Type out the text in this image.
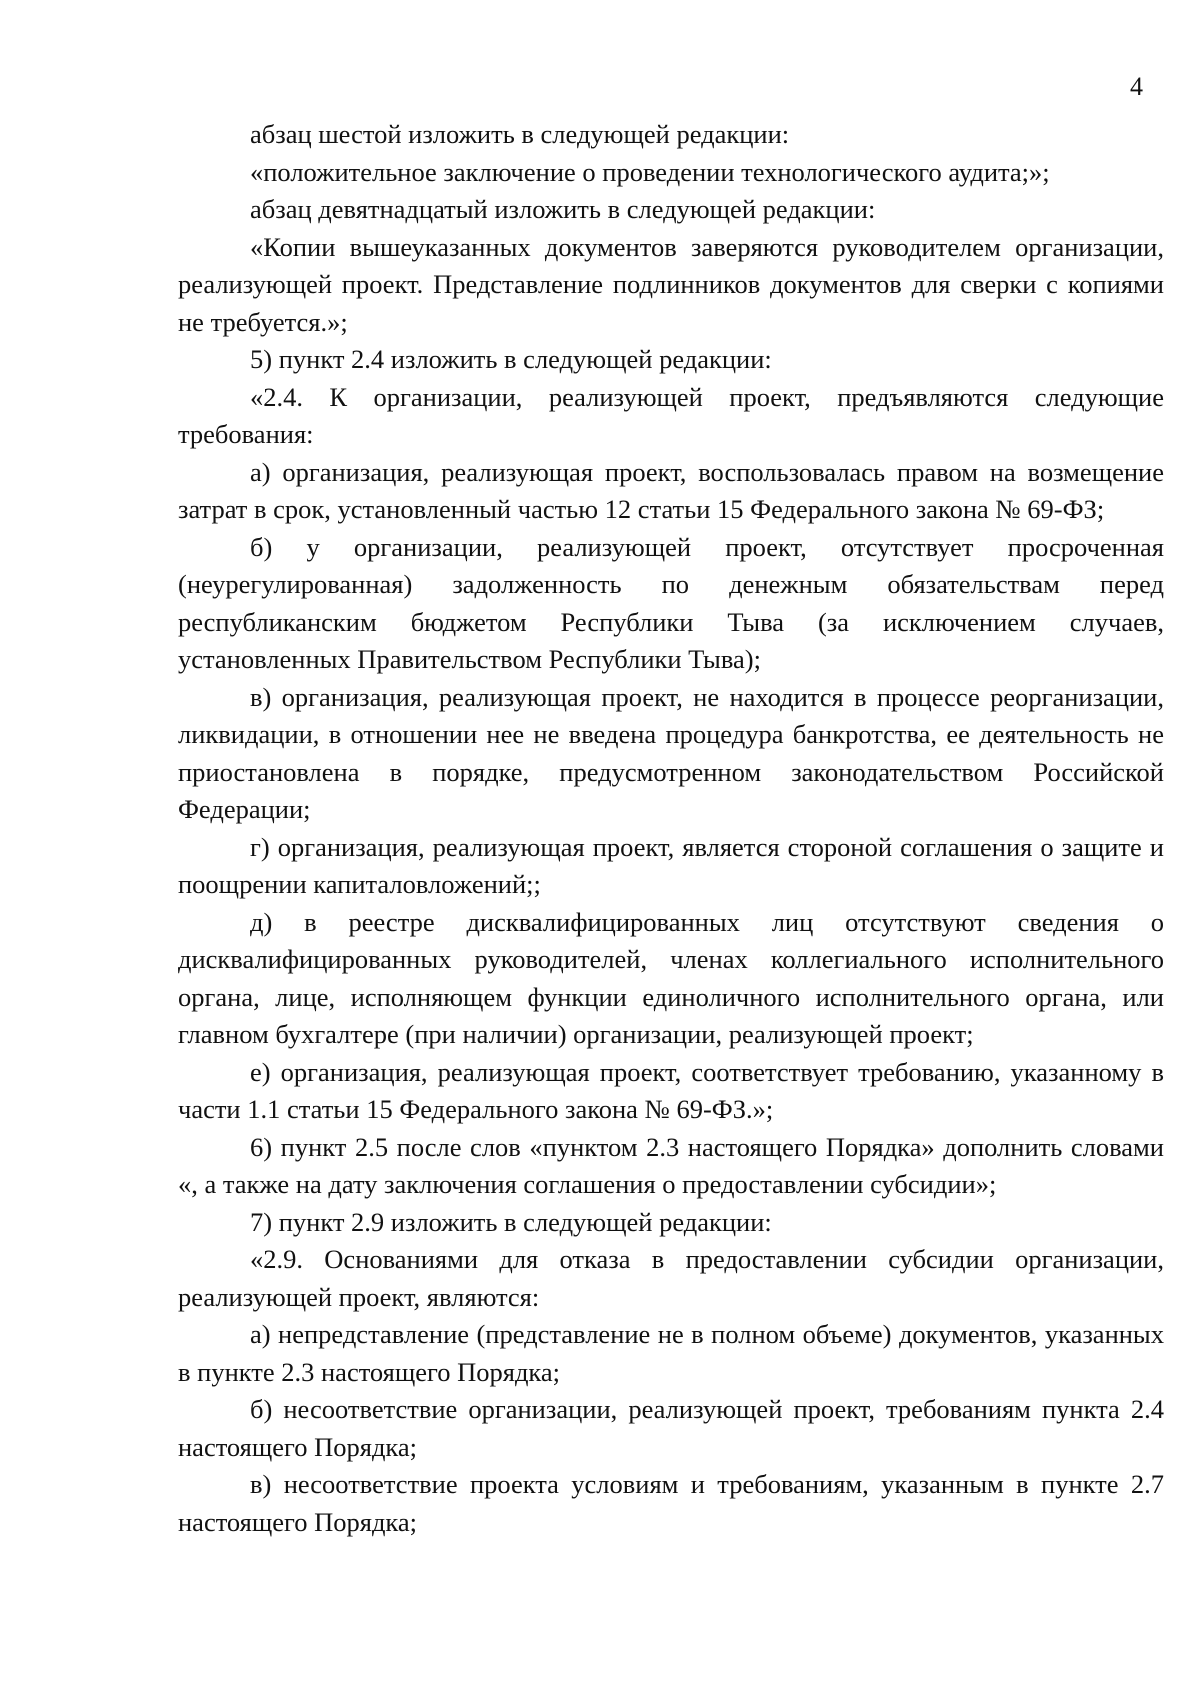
4

абзац шестой изложить в следующей редакции:

«положительное заключение о проведении технологического аудита;»;

абзац девятнадцатый изложить в следующей редакции:

«Копии вышеуказанных документов заверяются руководителем организации, реализующей проект. Представление подлинников документов для сверки с копиями не требуется.»;

5) пункт 2.4 изложить в следующей редакции:

«2.4. К организации, реализующей проект, предъявляются следующие требования:

а) организация, реализующая проект, воспользовалась правом на возмещение затрат в срок, установленный частью 12 статьи 15 Федерального закона № 69-ФЗ;

б) у организации, реализующей проект, отсутствует просроченная (неурегулированная) задолженность по денежным обязательствам перед республиканским бюджетом Республики Тыва (за исключением случаев, установленных Правительством Республики Тыва);

в) организация, реализующая проект, не находится в процессе реорганизации, ликвидации, в отношении нее не введена процедура банкротства, ее деятельность не приостановлена в порядке, предусмотренном законодательством Российской Федерации;

г) организация, реализующая проект, является стороной соглашения о защите и поощрении капиталовложений;;

д) в реестре дисквалифицированных лиц отсутствуют сведения о дисквалифицированных руководителей, членах коллегиального исполнительного органа, лице, исполняющем функции единоличного исполнительного органа, или главном бухгалтере (при наличии) организации, реализующей проект;

е) организация, реализующая проект, соответствует требованию, указанному в части 1.1 статьи 15 Федерального закона № 69-ФЗ.»;

6) пункт 2.5 после слов «пунктом 2.3 настоящего Порядка» дополнить словами «, а также на дату заключения соглашения о предоставлении субсидии»;

7) пункт 2.9 изложить в следующей редакции:

«2.9. Основаниями для отказа в предоставлении субсидии организации, реализующей проект, являются:

а) непредставление (представление не в полном объеме) документов, указанных в пункте 2.3 настоящего Порядка;

б) несоответствие организации, реализующей проект, требованиям пункта 2.4 настоящего Порядка;

в) несоответствие проекта условиям и требованиям, указанным в пункте 2.7 настоящего Порядка;
